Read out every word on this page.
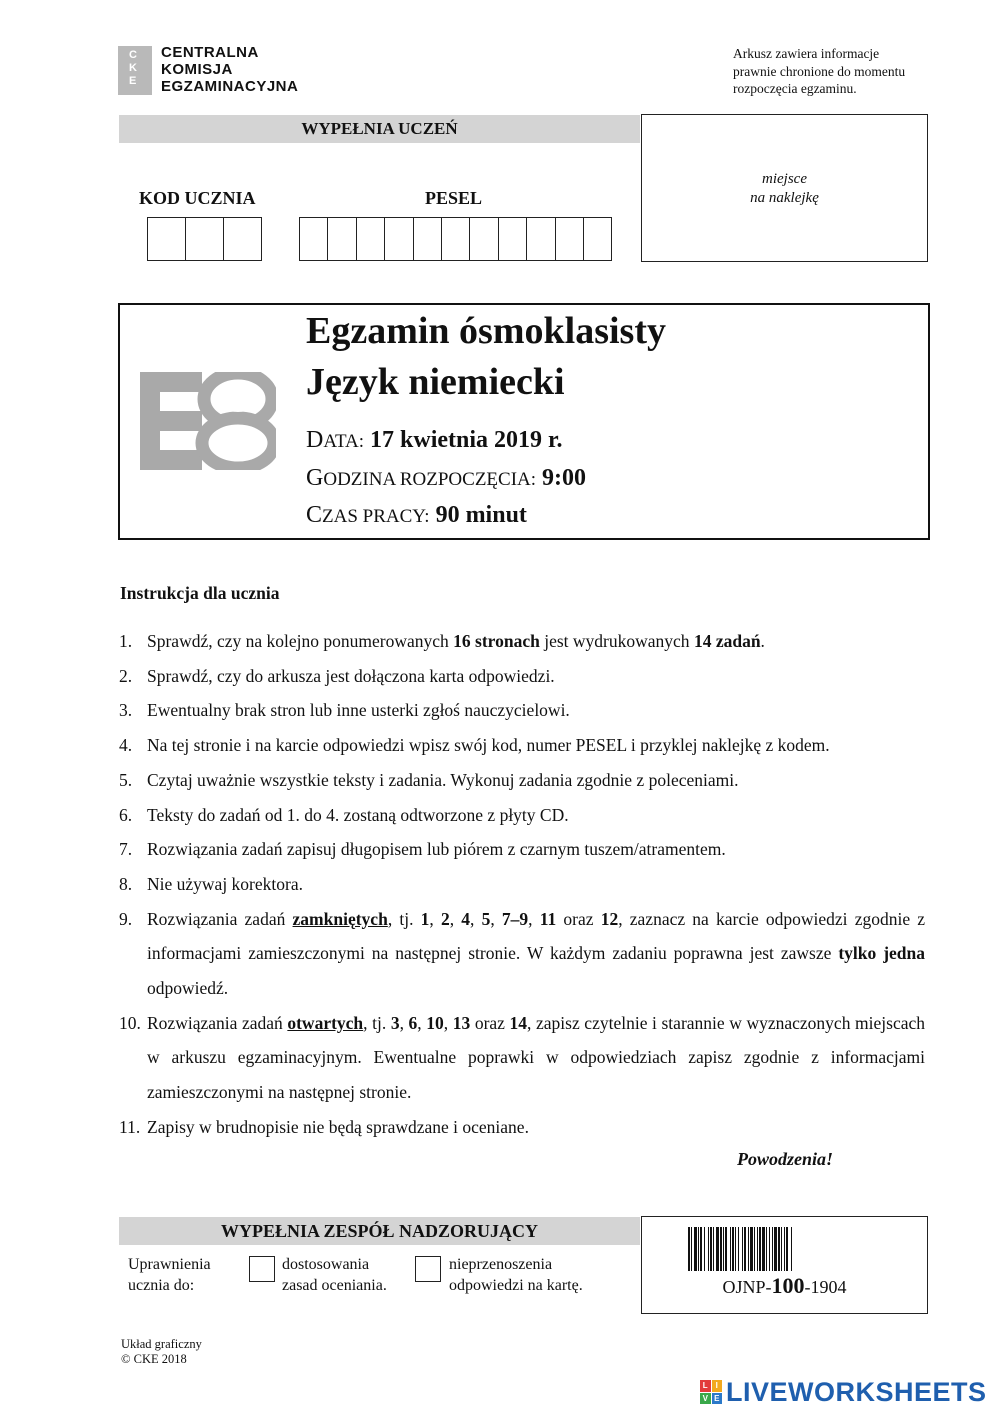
C
K
E
CENTRALNA
KOMISJA
EGZAMINACYJNA
Arkusz zawiera informacje
prawnie chronione do momentu
rozpoczęcia egzaminu.
WYPEŁNIA UCZEŃ
KOD UCZNIA	PESEL
miejsce
na naklejkę
Egzamin ósmoklasisty
Język niemiecki
DATA: 17 kwietnia 2019 r.
GODZINA ROZPOCZĘCIA: 9:00
CZAS PRACY: 90 minut
Instrukcja dla ucznia
1. Sprawdź, czy na kolejno ponumerowanych 16 stronach jest wydrukowanych 14 zadań.
2. Sprawdź, czy do arkusza jest dołączona karta odpowiedzi.
3. Ewentualny brak stron lub inne usterki zgłoś nauczycielowi.
4. Na tej stronie i na karcie odpowiedzi wpisz swój kod, numer PESEL i przyklej naklejkę z kodem.
5. Czytaj uważnie wszystkie teksty i zadania. Wykonuj zadania zgodnie z poleceniami.
6. Teksty do zadań od 1. do 4. zostaną odtworzone z płyty CD.
7. Rozwiązania zadań zapisuj długopisem lub piórem z czarnym tuszem/atramentem.
8. Nie używaj korektora.
9. Rozwiązania zadań zamkniętych, tj. 1, 2, 4, 5, 7–9, 11 oraz 12, zaznacz na karcie odpowiedzi zgodnie z informacjami zamieszczonymi na następnej stronie. W każdym zadaniu poprawna jest zawsze tylko jedna odpowiedź.
10. Rozwiązania zadań otwartych, tj. 3, 6, 10, 13 oraz 14, zapisz czytelnie i starannie w wyznaczonych miejscach w arkuszu egzaminacyjnym. Ewentualne poprawki w odpowiedziach zapisz zgodnie z informacjami zamieszczonymi na następnej stronie.
11. Zapisy w brudnopisie nie będą sprawdzane i oceniane.
Powodzenia!
WYPEŁNIA ZESPÓŁ NADZORUJĄCY
Uprawnienia
ucznia do:
dostosowania
zasad oceniania.
nieprzenoszenia
odpowiedzi na kartę.	OJNP-100-1904
Układ graficzny
© CKE 2018
L I
V E LIVEWORKSHEETS
